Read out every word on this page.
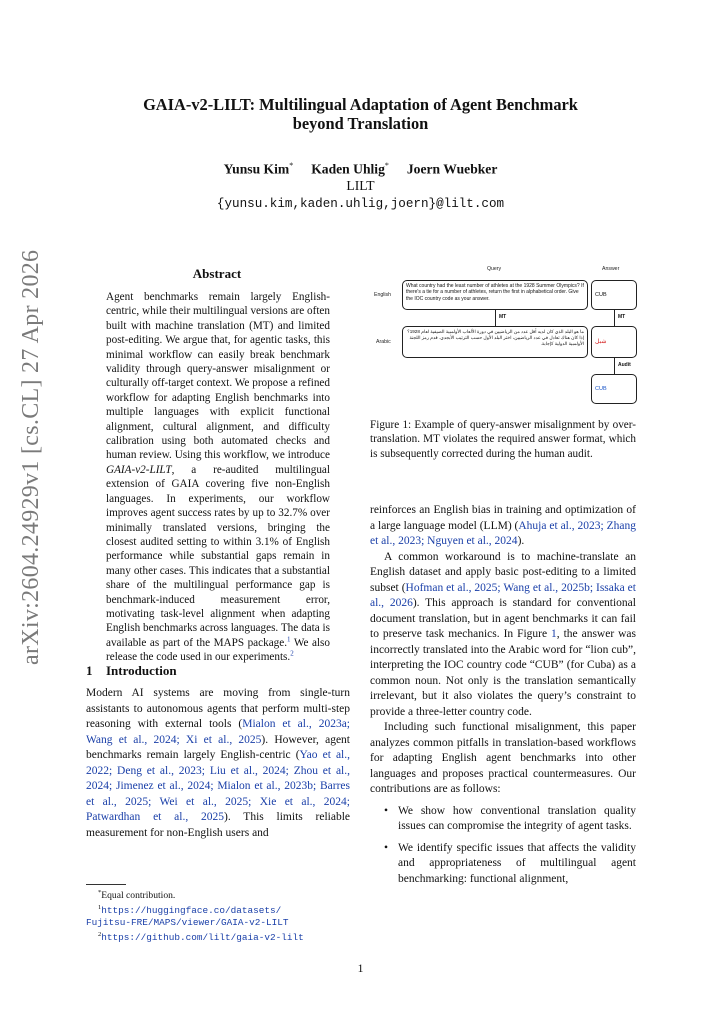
arXiv:2604.24929v1 [cs.CL] 27 Apr 2026
GAIA-v2-LILT: Multilingual Adaptation of Agent Benchmark
beyond Translation
Yunsu Kim* Kaden Uhlig* Joern Wuebker
LILT
{yunsu.kim,kaden.uhlig,joern}@lilt.com
Abstract
Agent benchmarks remain largely English-centric, while their multilingual versions are often built with machine translation (MT) and limited post-editing. We argue that, for agentic tasks, this minimal workflow can easily break benchmark validity through query-answer misalignment or culturally off-target context. We propose a refined workflow for adapting English benchmarks into multiple languages with explicit functional alignment, cultural alignment, and difficulty calibration using both automated checks and human review. Using this workflow, we introduce GAIA-v2-LILT, a re-audited multilingual extension of GAIA covering five non-English languages. In experiments, our workflow improves agent success rates by up to 32.7% over minimally translated versions, bringing the closest audited setting to within 3.1% of English performance while substantial gaps remain in many other cases. This indicates that a substantial share of the multilingual performance gap is benchmark-induced measurement error, motivating task-level alignment when adapting English benchmarks across languages. The data is available as part of the MAPS package.$^1$ We also release the code used in our experiments.$^2$
1 Introduction
Modern AI systems are moving from single-turn assistants to autonomous agents that perform multi-step reasoning with external tools (Mialon et al., 2023a; Wang et al., 2024; Xi et al., 2025). However, agent benchmarks remain largely English-centric (Yao et al., 2022; Deng et al., 2023; Liu et al., 2024; Zhou et al., 2024; Jimenez et al., 2024; Mialon et al., 2023b; Barres et al., 2025; Wei et al., 2025; Xie et al., 2024; Patwardhan et al., 2025). This limits reliable measurement for non-English users and
*Equal contribution.
$^1$https://huggingface.co/datasets/
Fujitsu-FRE/MAPS/viewer/GAIA-v2-LILT
$^2$https://github.com/lilt/gaia-v2-lilt
Query	Answer
English
What country had the least number of athletes at the 1928 Summer Olympics? If there's a tie for a number of athletes, return the first in alphabetical order. Give the IOC country code as your answer.
CUB
MT	MT
Arabic
ما هو البلد الذي كان لديه أقل عدد من الرياضيين في دورة الألعاب الأولمبية الصيفية لعام 1928؟ إذا كان هناك تعادل في عدد الرياضيين، اختر البلد الأول حسب الترتيب الأبجدي. قدم رمز اللجنة الأولمبية الدولية كإجابة.	شبل
Audit
CUB
Figure 1: Example of query-answer misalignment by over-translation. MT violates the required answer format, which is subsequently corrected during the human audit.

reinforces an English bias in training and optimization of a large language model (LLM) (Ahuja et al., 2023; Zhang et al., 2023; Nguyen et al., 2024).

A common workaround is to machine-translate an English dataset and apply basic post-editing to a limited subset (Hofman et al., 2025; Wang et al., 2025b; Issaka et al., 2026). This approach is standard for conventional document translation, but in agent benchmarks it can fail to preserve task mechanics. In Figure 1, the answer was incorrectly translated into the Arabic word for “lion cub”, interpreting the IOC country code “CUB” (for Cuba) as a common noun. Not only is the translation semantically irrelevant, but it also violates the query’s constraint to provide a three-letter country code.

Including such functional misalignment, this paper analyzes common pitfalls in translation-based workflows for adapting English agent benchmarks into other languages and proposes practical countermeasures. Our contributions are as follows:

• We show how conventional translation quality issues can compromise the integrity of agent tasks.
• We identify specific issues that affects the validity and appropriateness of multilingual agent benchmarking: functional alignment,
1
